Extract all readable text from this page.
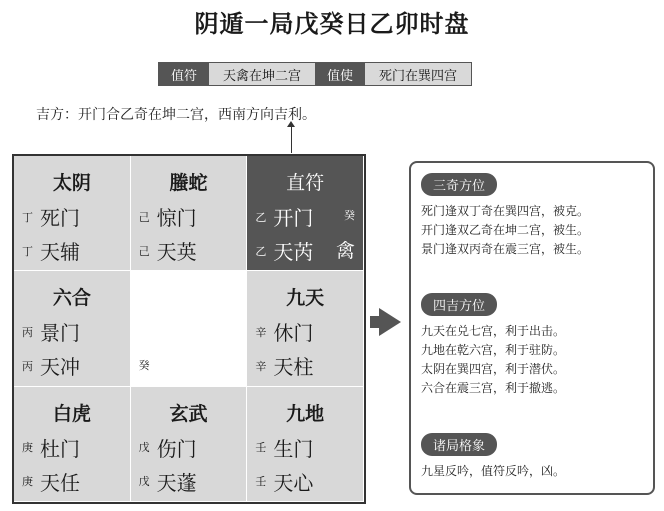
阴遁一局戊癸日乙卯时盘
值符	天禽在坤二宫	值使	死门在巽四宫
吉方：开门合乙奇在坤二宫，西南方向吉利。
太阴
丁 死门
丁 天辅
螣蛇
己 惊门
己 天英
直符
乙 开门	癸
乙 天芮 禽
六合
丙 景门
丙 天冲	癸
九天
辛 休门
辛 天柱
白虎
庚 杜门
庚 天任
玄武
戊 伤门
戊 天蓬
九地
壬 生门
壬 天心
三奇方位
死门逢双丁奇在巽四宫，被克。
开门逢双乙奇在坤二宫，被生。
景门逢双丙奇在震三宫，被生。
四吉方位
九天在兑七宫，利于出击。
九地在乾六宫，利于驻防。
太阴在巽四宫，利于潜伏。
六合在震三宫，利于撤逃。
诸局格象
九星反吟，值符反吟，凶。
